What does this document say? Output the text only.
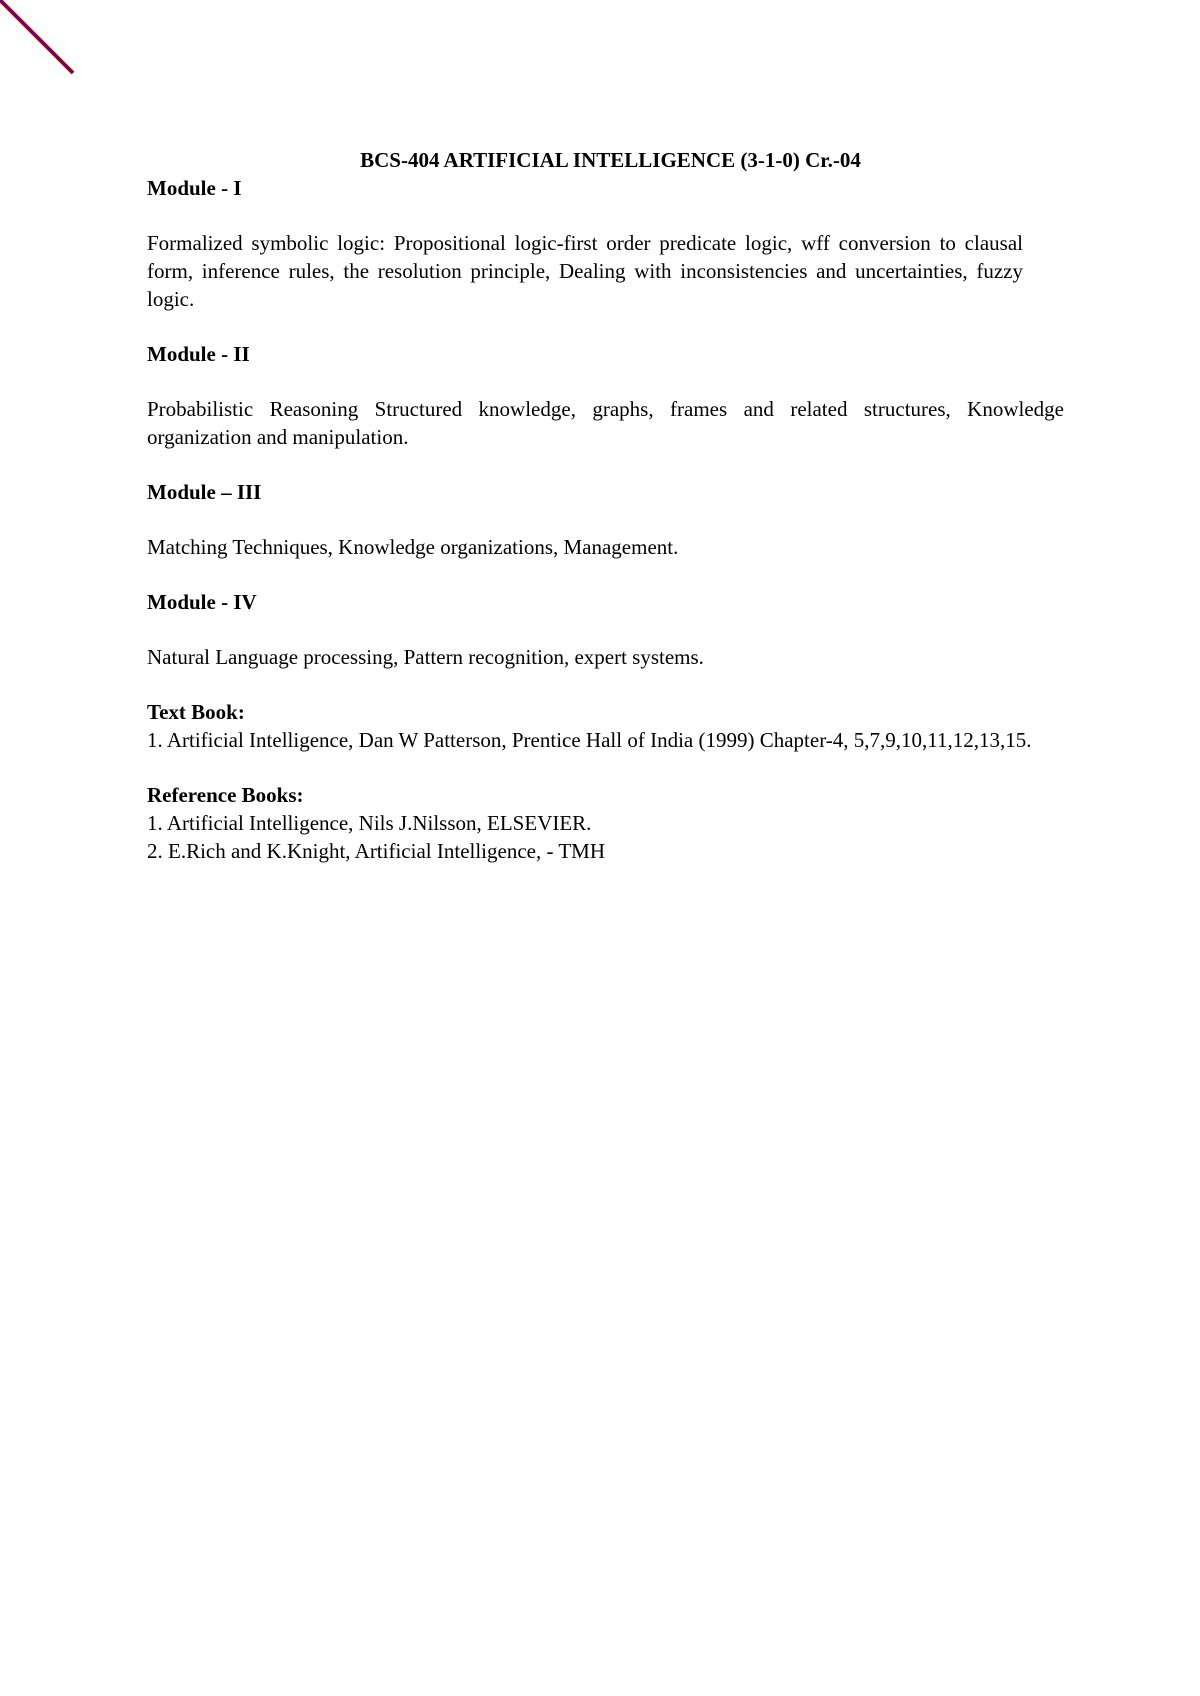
BCS-404 ARTIFICIAL INTELLIGENCE (3-1-0) Cr.-04

Module - I

Formalized symbolic logic: Propositional logic-first order predicate logic, wff conversion to clausal form, inference rules, the resolution principle, Dealing with inconsistencies and uncertainties, fuzzy logic.

Module - II

Probabilistic Reasoning Structured knowledge, graphs, frames and related structures, Knowledge organization and manipulation.

Module – III

Matching Techniques, Knowledge organizations, Management.

Module - IV

Natural Language processing, Pattern recognition, expert systems.

Text Book:

1. Artificial Intelligence, Dan W Patterson, Prentice Hall of India (1999) Chapter-4, 5,7,9,10,11,12,13,15.

Reference Books:

1. Artificial Intelligence, Nils J.Nilsson, ELSEVIER.

2. E.Rich and K.Knight, Artificial Intelligence, - TMH
